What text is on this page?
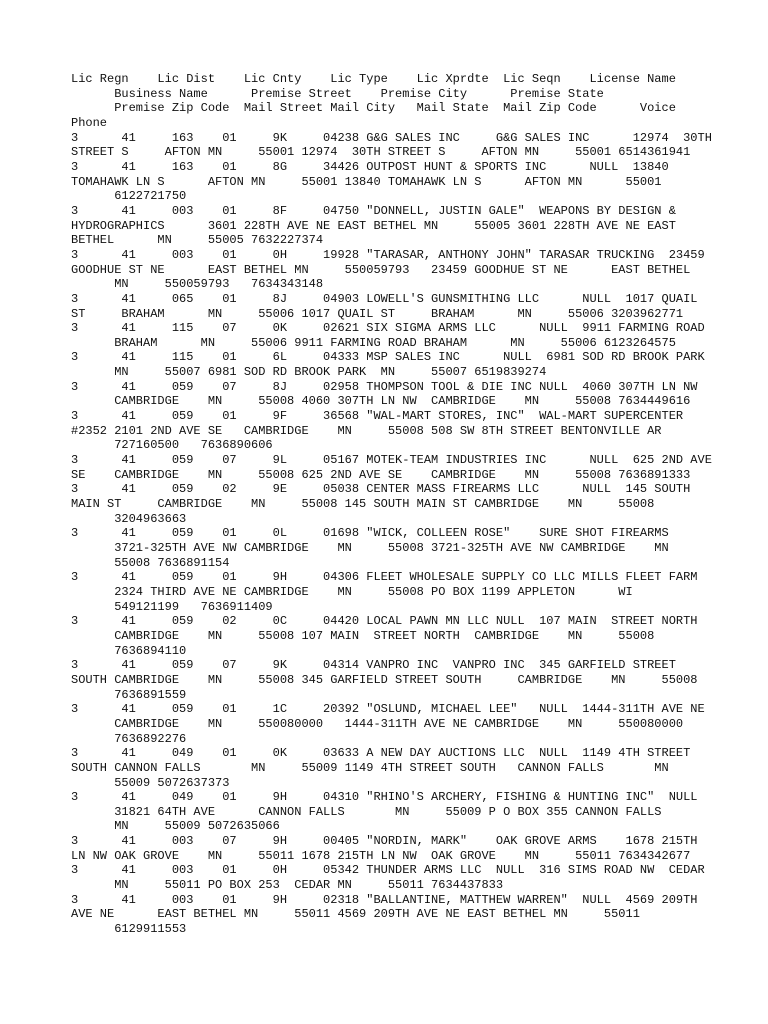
Lic Regn    Lic Dist    Lic Cnty    Lic Type    Lic Xprdte  Lic Seqn    License Name
Business Name      Premise Street    Premise City      Premise State
Premise Zip Code  Mail Street Mail City   Mail State  Mail Zip Code      Voice
Phone
3      41     163    01     9K     04238 G&G SALES INC     G&G SALES INC      12974  30TH
STREET S     AFTON MN     55001 12974  30TH STREET S     AFTON MN     55001 6514361941
3      41     163    01     8G     34426 OUTPOST HUNT & SPORTS INC      NULL  13840
TOMAHAWK LN S      AFTON MN     55001 13840 TOMAHAWK LN S      AFTON MN      55001
6122721750
3      41     003    01     8F     04750 "DONNELL, JUSTIN GALE"  WEAPONS BY DESIGN &
HYDROGRAPHICS      3601 228TH AVE NE EAST BETHEL MN     55005 3601 228TH AVE NE EAST
BETHEL      MN     55005 7632227374
3      41     003    01     0H     19928 "TARASAR, ANTHONY JOHN" TARASAR TRUCKING  23459
GOODHUE ST NE      EAST BETHEL MN     550059793   23459 GOODHUE ST NE      EAST BETHEL
MN     550059793   7634343148
3      41     065    01     8J     04903 LOWELL'S GUNSMITHING LLC      NULL  1017 QUAIL
ST     BRAHAM      MN     55006 1017 QUAIL ST     BRAHAM      MN     55006 3203962771
3      41     115    07     0K     02621 SIX SIGMA ARMS LLC      NULL  9911 FARMING ROAD
BRAHAM      MN     55006 9911 FARMING ROAD BRAHAM      MN     55006 6123264575
3      41     115    01     6L     04333 MSP SALES INC      NULL  6981 SOD RD BROOK PARK
MN     55007 6981 SOD RD BROOK PARK  MN     55007 6519839274
3      41     059    07     8J     02958 THOMPSON TOOL & DIE INC NULL  4060 307TH LN NW
CAMBRIDGE    MN     55008 4060 307TH LN NW  CAMBRIDGE    MN     55008 7634449616
3      41     059    01     9F     36568 "WAL-MART STORES, INC"  WAL-MART SUPERCENTER
#2352 2101 2ND AVE SE   CAMBRIDGE    MN     55008 508 SW 8TH STREET BENTONVILLE AR
727160500   7636890606
3      41     059    07     9L     05167 MOTEK-TEAM INDUSTRIES INC      NULL  625 2ND AVE
SE    CAMBRIDGE    MN     55008 625 2ND AVE SE    CAMBRIDGE    MN     55008 7636891333
3      41     059    02     9E     05038 CENTER MASS FIREARMS LLC      NULL  145 SOUTH
MAIN ST     CAMBRIDGE    MN     55008 145 SOUTH MAIN ST CAMBRIDGE    MN     55008
3204963663
3      41     059    01     0L     01698 "WICK, COLLEEN ROSE"    SURE SHOT FIREARMS
3721-325TH AVE NW CAMBRIDGE    MN     55008 3721-325TH AVE NW CAMBRIDGE    MN
55008 7636891154
3      41     059    01     9H     04306 FLEET WHOLESALE SUPPLY CO LLC MILLS FLEET FARM
2324 THIRD AVE NE CAMBRIDGE    MN     55008 PO BOX 1199 APPLETON      WI
549121199   7636911409
3      41     059    02     0C     04420 LOCAL PAWN MN LLC NULL  107 MAIN  STREET NORTH
CAMBRIDGE    MN     55008 107 MAIN  STREET NORTH  CAMBRIDGE    MN     55008
7636894110
3      41     059    07     9K     04314 VANPRO INC  VANPRO INC  345 GARFIELD STREET
SOUTH CAMBRIDGE    MN     55008 345 GARFIELD STREET SOUTH     CAMBRIDGE    MN     55008
7636891559
3      41     059    01     1C     20392 "OSLUND, MICHAEL LEE"   NULL  1444-311TH AVE NE
CAMBRIDGE    MN     550080000   1444-311TH AVE NE CAMBRIDGE    MN     550080000
7636892276
3      41     049    01     0K     03633 A NEW DAY AUCTIONS LLC  NULL  1149 4TH STREET
SOUTH CANNON FALLS       MN     55009 1149 4TH STREET SOUTH   CANNON FALLS       MN
55009 5072637373
3      41     049    01     9H     04310 "RHINO'S ARCHERY, FISHING & HUNTING INC"  NULL
31821 64TH AVE      CANNON FALLS       MN     55009 P O BOX 355 CANNON FALLS
MN     55009 5072635066
3      41     003    07     9H     00405 "NORDIN, MARK"    OAK GROVE ARMS    1678 215TH
LN NW OAK GROVE    MN     55011 1678 215TH LN NW  OAK GROVE    MN     55011 7634342677
3      41     003    01     0H     05342 THUNDER ARMS LLC  NULL  316 SIMS ROAD NW  CEDAR
MN     55011 PO BOX 253  CEDAR MN     55011 7634437833
3      41     003    01     9H     02318 "BALLANTINE, MATTHEW WARREN"  NULL  4569 209TH
AVE NE      EAST BETHEL MN     55011 4569 209TH AVE NE EAST BETHEL MN     55011
6129911553
